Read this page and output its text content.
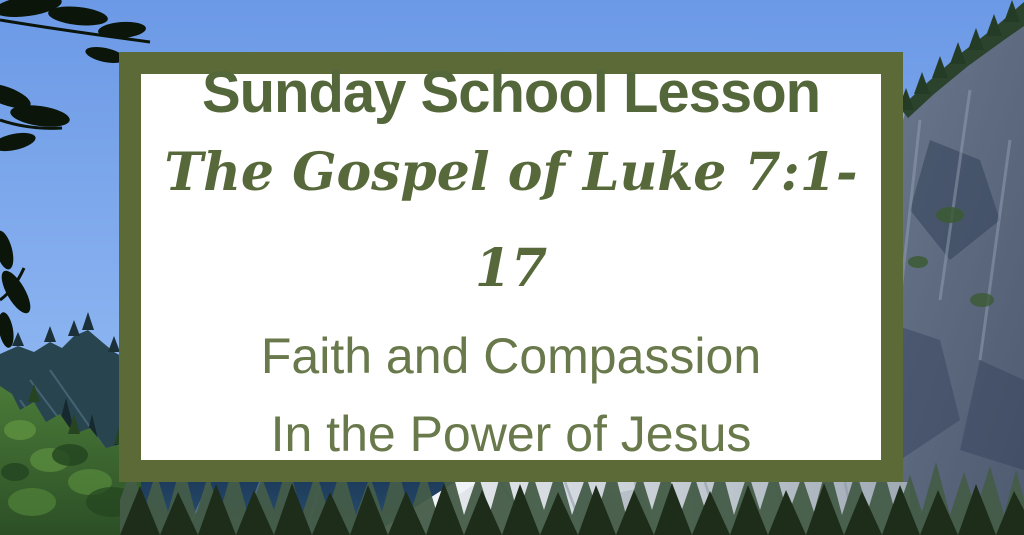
Sunday School Lesson
The Gospel of Luke 7:1-17
Faith and Compassion
In the Power of Jesus
